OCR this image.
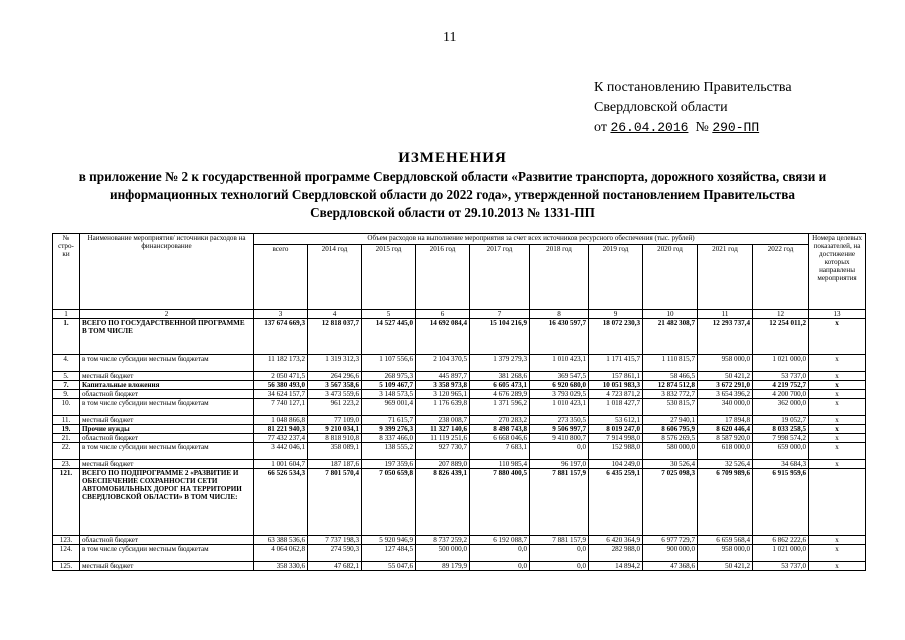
11
К постановлению Правительства
Свердловской области
от 26.04.2016 № 290-ПП
ИЗМЕНЕНИЯ
в приложение № 2 к государственной программе Свердловской области «Развитие транспорта, дорожного хозяйства, связи и информационных технологий Свердловской области до 2022 года», утвержденной постановлением Правительства Свердловской области от 29.10.2013 № 1331-ПП
№ стро-ки	Наименование мероприятия/ источники расходов на финансирование	Объем расходов на выполнение мероприятия за счет всех источников ресурсного обеспечения (тыс. рублей)										Номера целевых показателей, на достижение которых направлены мероприятия
		всего	2014 год	2015 год	2016 год	2017 год	2018 год	2019 год	2020 год	2021 год	2022 год	
1	2	3	4	5	6	7	8	9	10	11	12	13
1.	ВСЕГО ПО ГОСУДАРСТВЕННОЙ ПРОГРАММЕ В ТОМ ЧИСЛЕ	137 674 669,3	12 818 037,7	14 527 445,0	14 692 084,4	15 104 216,9	16 430 597,7	18 072 230,3	21 482 308,7	12 293 737,4	12 254 011,2	х
4.	в том числе субсидии местным бюджетам	11 182 173,2	1 319 312,3	1 107 556,6	2 104 370,5	1 379 279,3	1 010 423,1	1 171 415,7	1 110 815,7	958 000,0	1 021 000,0	х
5.	местный бюджет	2 050 471,5	264 296,6	268 975,3	445 897,7	381 268,6	369 547,5	157 861,1	58 466,5	50 421,2	53 737,0	х
7.	Капитальные вложения	56 380 493,0	3 567 358,6	5 109 467,7	3 358 973,8	6 605 473,1	6 920 680,0	10 051 983,3	12 874 512,8	3 672 291,0	4 219 752,7	х
9.	областной бюджет	34 624 157,7	3 473 559,6	3 148 573,5	3 120 965,1	4 676 289,9	3 793 029,5	4 723 871,2	3 832 772,7	3 654 396,2	4 200 700,0	х
10.	в том числе субсидии местным бюджетам	7 740 127,1	961 223,2	969 001,4	1 176 639,8	1 371 596,2	1 010 423,1	1 018 427,7	530 815,7	340 000,0	362 000,0	х
11.	местный бюджет	1 048 866,8	77 109,0	71 615,7	238 008,7	270 283,2	273 350,5	53 612,1	27 940,1	17 894,8	19 052,7	х
19.	Прочие нужды	81 221 940,3	9 210 034,1	9 399 276,3	11 327 140,6	8 498 743,8	9 506 997,7	8 019 247,0	8 606 795,9	8 620 446,4	8 033 258,5	х
21.	областной бюджет	77 432 237,4	8 818 910,8	8 337 466,0	11 119 251,6	6 668 046,6	9 410 800,7	7 914 998,0	8 576 269,5	8 587 920,0	7 998 574,2	х
22.	в том числе субсидии местным бюджетам	3 442 046,1	358 089,1	138 555,2	927 730,7	7 683,1	0,0	152 988,0	580 000,0	618 000,0	659 000,0	х
23.	местный бюджет	1 001 604,7	187 187,6	197 359,6	207 889,0	110 985,4	96 197,0	104 249,0	30 526,4	32 526,4	34 684,3	х
121.	ВСЕГО ПО ПОДПРОГРАММЕ 2 «РАЗВИТИЕ И ОБЕСПЕЧЕНИЕ СОХРАННОСТИ СЕТИ АВТОМОБИЛЬНЫХ ДОРОГ НА ТЕРРИТОРИИ СВЕРДЛОВСКОЙ ОБЛАСТИ» В ТОМ ЧИСЛЕ:	66 526 534,3	7 801 570,4	7 050 659,8	8 826 439,1	7 880 400,5	7 881 157,9	6 435 259,1	7 025 098,3	6 709 989,6	6 915 959,6	
123.	областной бюджет	63 388 536,6	7 737 198,3	5 920 946,9	8 737 259,2	6 192 088,7	7 881 157,9	6 420 364,9	6 977 729,7	6 659 568,4	6 862 222,6	х
124.	в том числе субсидии местным бюджетам	4 064 062,8	274 590,3	127 484,5	500 000,0	0,0	0,0	282 988,0	900 000,0	958 000,0	1 021 000,0	х
125.	местный бюджет	358 330,6	47 682,1	55 047,6	89 179,9	0,0	0,0	14 894,2	47 368,6	50 421,2	53 737,0	х
